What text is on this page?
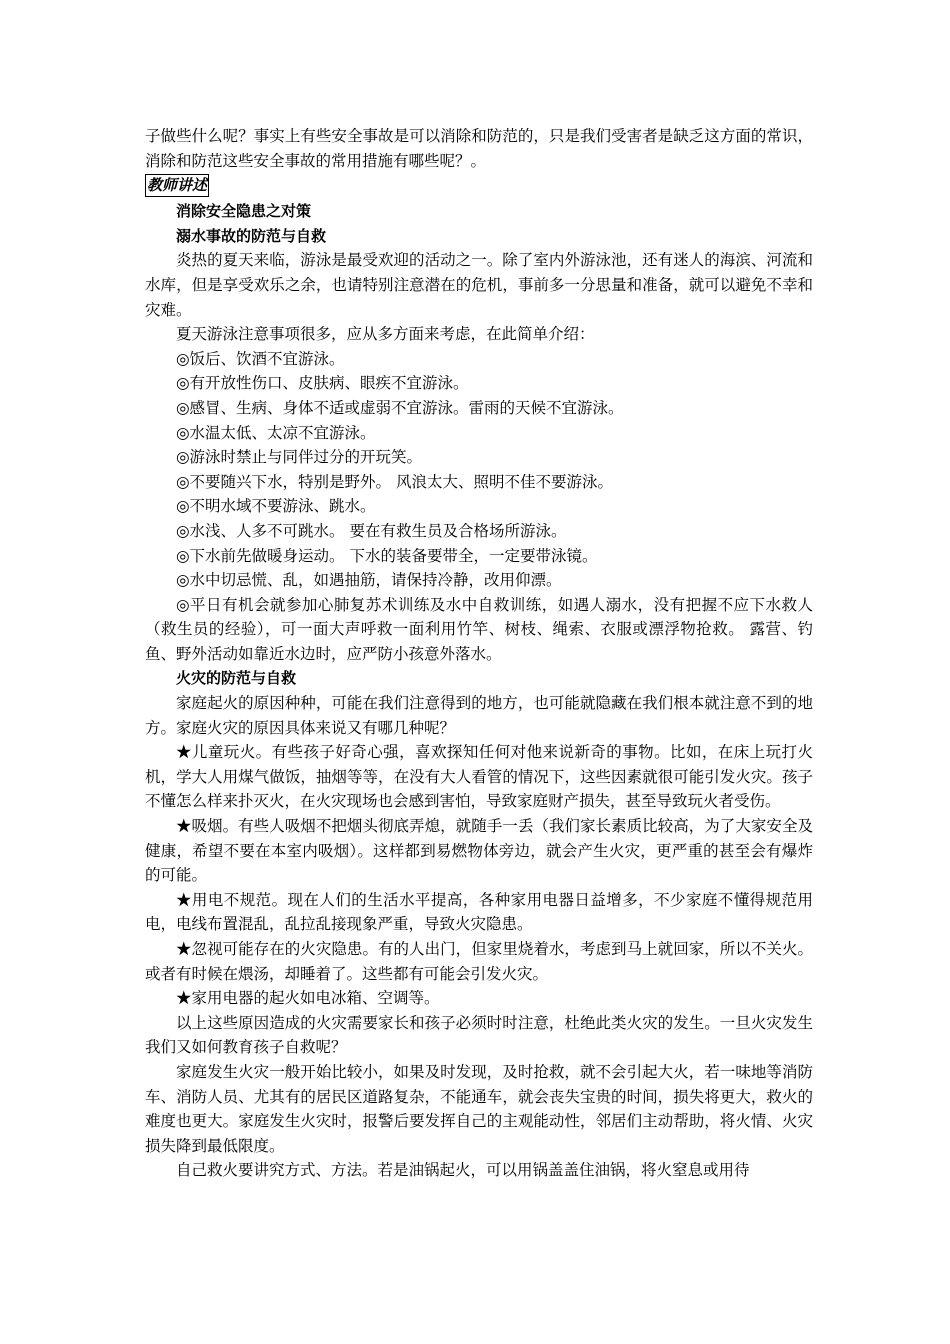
子做些什么呢？事实上有些安全事故是可以消除和防范的，只是我们受害者是缺乏这方面的常识，消除和防范这些安全事故的常用措施有哪些呢？。

教师讲述

消除安全隐患之对策

溺水事故的防范与自救

炎热的夏天来临，游泳是最受欢迎的活动之一。除了室内外游泳池，还有迷人的海滨、河流和水库，但是享受欢乐之余，也请特别注意潜在的危机，事前多一分思量和准备，就可以避免不幸和灾难。

夏天游泳注意事项很多，应从多方面来考虑，在此简单介绍：

◎饭后、饮酒不宜游泳。

◎有开放性伤口、皮肤病、眼疾不宜游泳。

◎感冒、生病、身体不适或虚弱不宜游泳。雷雨的天候不宜游泳。

◎水温太低、太凉不宜游泳。

◎游泳时禁止与同伴过分的开玩笑。

◎不要随兴下水，特别是野外。 风浪太大、照明不佳不要游泳。

◎不明水域不要游泳、跳水。

◎水浅、人多不可跳水。 要在有救生员及合格场所游泳。

◎下水前先做暖身运动。 下水的装备要带全，一定要带泳镜。

◎水中切忌慌、乱，如遇抽筋，请保持冷静，改用仰漂。

◎平日有机会就参加心肺复苏术训练及水中自救训练，如遇人溺水，没有把握不应下水救人（救生员的经验），可一面大声呼救一面利用竹竿、树枝、绳索、衣服或漂浮物抢救。 露营、钓鱼、野外活动如靠近水边时，应严防小孩意外落水。

火灾的防范与自救

家庭起火的原因种种，可能在我们注意得到的地方，也可能就隐藏在我们根本就注意不到的地方。家庭火灾的原因具体来说又有哪几种呢？

★儿童玩火。有些孩子好奇心强，喜欢探知任何对他来说新奇的事物。比如，在床上玩打火机，学大人用煤气做饭，抽烟等等，在没有大人看管的情况下，这些因素就很可能引发火灾。孩子不懂怎么样来扑灭火，在火灾现场也会感到害怕，导致家庭财产损失，甚至导致玩火者受伤。

★吸烟。有些人吸烟不把烟头彻底弄熄，就随手一丢（我们家长素质比较高，为了大家安全及健康，希望不要在本室内吸烟）。这样都到易燃物体旁边，就会产生火灾，更严重的甚至会有爆炸的可能。

★用电不规范。现在人们的生活水平提高，各种家用电器日益增多，不少家庭不懂得规范用电，电线布置混乱，乱拉乱接现象严重，导致火灾隐患。

★忽视可能存在的火灾隐患。有的人出门，但家里烧着水，考虑到马上就回家，所以不关火。或者有时候在煨汤，却睡着了。这些都有可能会引发火灾。

★家用电器的起火如电冰箱、空调等。

以上这些原因造成的火灾需要家长和孩子必须时时注意，杜绝此类火灾的发生。一旦火灾发生我们又如何教育孩子自救呢？

家庭发生火灾一般开始比较小，如果及时发现，及时抢救，就不会引起大火，若一味地等消防车、消防人员、尤其有的居民区道路复杂，不能通车，就会丧失宝贵的时间，损失将更大，救火的难度也更大。家庭发生火灾时，报警后要发挥自己的主观能动性，邻居们主动帮助，将火情、火灾损失降到最低限度。

自己救火要讲究方式、方法。若是油锅起火，可以用锅盖盖住油锅，将火窒息或用待
